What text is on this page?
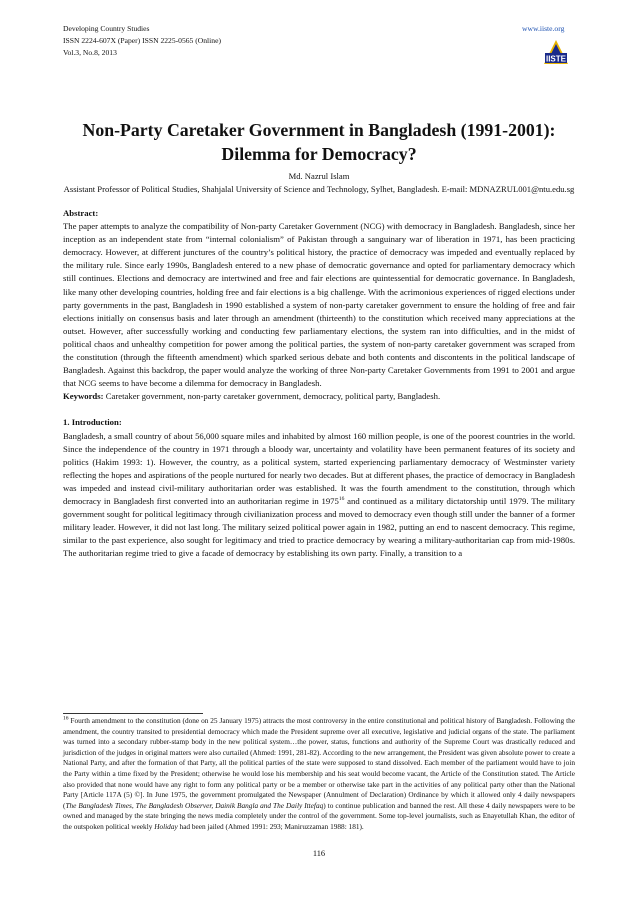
Developing Country Studies
ISSN 2224-607X (Paper) ISSN 2225-0565 (Online)
Vol.3, No.8, 2013
www.iiste.org
IISTE
Non-Party Caretaker Government in Bangladesh (1991-2001): Dilemma for Democracy?
Md. Nazrul Islam
Assistant Professor of Political Studies, Shahjalal University of Science and Technology, Sylhet, Bangladesh. E-mail: MDNAZRUL001@ntu.edu.sg
Abstract:

The paper attempts to analyze the compatibility of Non-party Caretaker Government (NCG) with democracy in Bangladesh. Bangladesh, since her inception as an independent state from “internal colonialism” of Pakistan through a sanguinary war of liberation in 1971, has been practicing democracy. However, at different junctures of the country’s political history, the practice of democracy was impeded and eventually replaced by the military rule. Since early 1990s, Bangladesh entered to a new phase of democratic governance and opted for parliamentary democracy which still continues. Elections and democracy are intertwined and free and fair elections are quintessential for democratic governance. In Bangladesh, like many other developing countries, holding free and fair elections is a big challenge. With the acrimonious experiences of rigged elections under party governments in the past, Bangladesh in 1990 established a system of non-party caretaker government to ensure the holding of free and fair elections initially on consensus basis and later through an amendment (thirteenth) to the constitution which received many appreciations at the outset. However, after successfully working and conducting few parliamentary elections, the system ran into difficulties, and in the midst of political chaos and unhealthy competition for power among the political parties, the system of non-party caretaker government was scraped from the constitution (through the fifteenth amendment) which sparked serious debate and both contents and discontents in the political landscape of Bangladesh. Against this backdrop, the paper would analyze the working of three Non-party Caretaker Governments from 1991 to 2001 and argue that NCG seems to have become a dilemma for democracy in Bangladesh.

Keywords: Caretaker government, non-party caretaker government, democracy, political party, Bangladesh.

1. Introduction:

Bangladesh, a small country of about 56,000 square miles and inhabited by almost 160 million people, is one of the poorest countries in the world. Since the independence of the country in 1971 through a bloody war, uncertainty and volatility have been permanent features of its society and politics (Hakim 1993: 1). However, the country, as a political system, started experiencing parliamentary democracy of Westminster variety reflecting the hopes and aspirations of the people nurtured for nearly two decades. But at different phases, the practice of democracy in Bangladesh was impeded and instead civil-military authoritarian order was established. It was the fourth amendment to the constitution, through which democracy in Bangladesh first converted into an authoritarian regime in 1975$^{16}$ and continued as a military dictatorship until 1979. The military government sought for political legitimacy through civilianization process and moved to democracy even though still under the banner of a former military leader. However, it did not last long. The military seized political power again in 1982, putting an end to nascent democracy. This regime, similar to the past experience, also sought for legitimacy and tried to practice democracy by wearing a military-authoritarian cap from mid-1980s. The authoritarian regime tried to give a facade of democracy by establishing its own party. Finally, a transition to a

$^{16}$ Fourth amendment to the constitution (done on 25 January 1975) attracts the most controversy in the entire constitutional and political history of Bangladesh. Following the amendment, the country transited to presidential democracy which made the President supreme over all executive, legislative and judicial organs of the state. The parliament was turned into a secondary rubber-stamp body in the new political system…the power, status, functions and authority of the Supreme Court was drastically reduced and jurisdiction of the judges in original matters were also curtailed (Ahmed: 1991, 281-82). According to the new arrangement, the President was given absolute power to create a National Party, and after the formation of that Party, all the political parties of the state were supposed to stand dissolved. Each member of the parliament would have to join the Party within a time fixed by the President; otherwise he would lose his membership and his seat would become vacant, the Article of the Constitution stated. The Article also provided that none would have any right to form any political party or be a member or otherwise take part in the activities of any political party other than the National Party [Article 117A (5) ©]. In June 1975, the government promulgated the Newspaper (Annulment of Declaration) Ordinance by which it allowed only 4 daily newspapers (The Bangladesh Times, The Bangladesh Observer, Dainik Bangla and The Daily Ittefaq) to continue publication and banned the rest. All these 4 daily newspapers were to be owned and managed by the state bringing the news media completely under the control of the government. Some top-level journalists, such as Enayetullah Khan, the editor of the outspoken political weekly Holiday had been jailed (Ahmed 1991: 293; Maniruzzaman 1988: 181).
116
